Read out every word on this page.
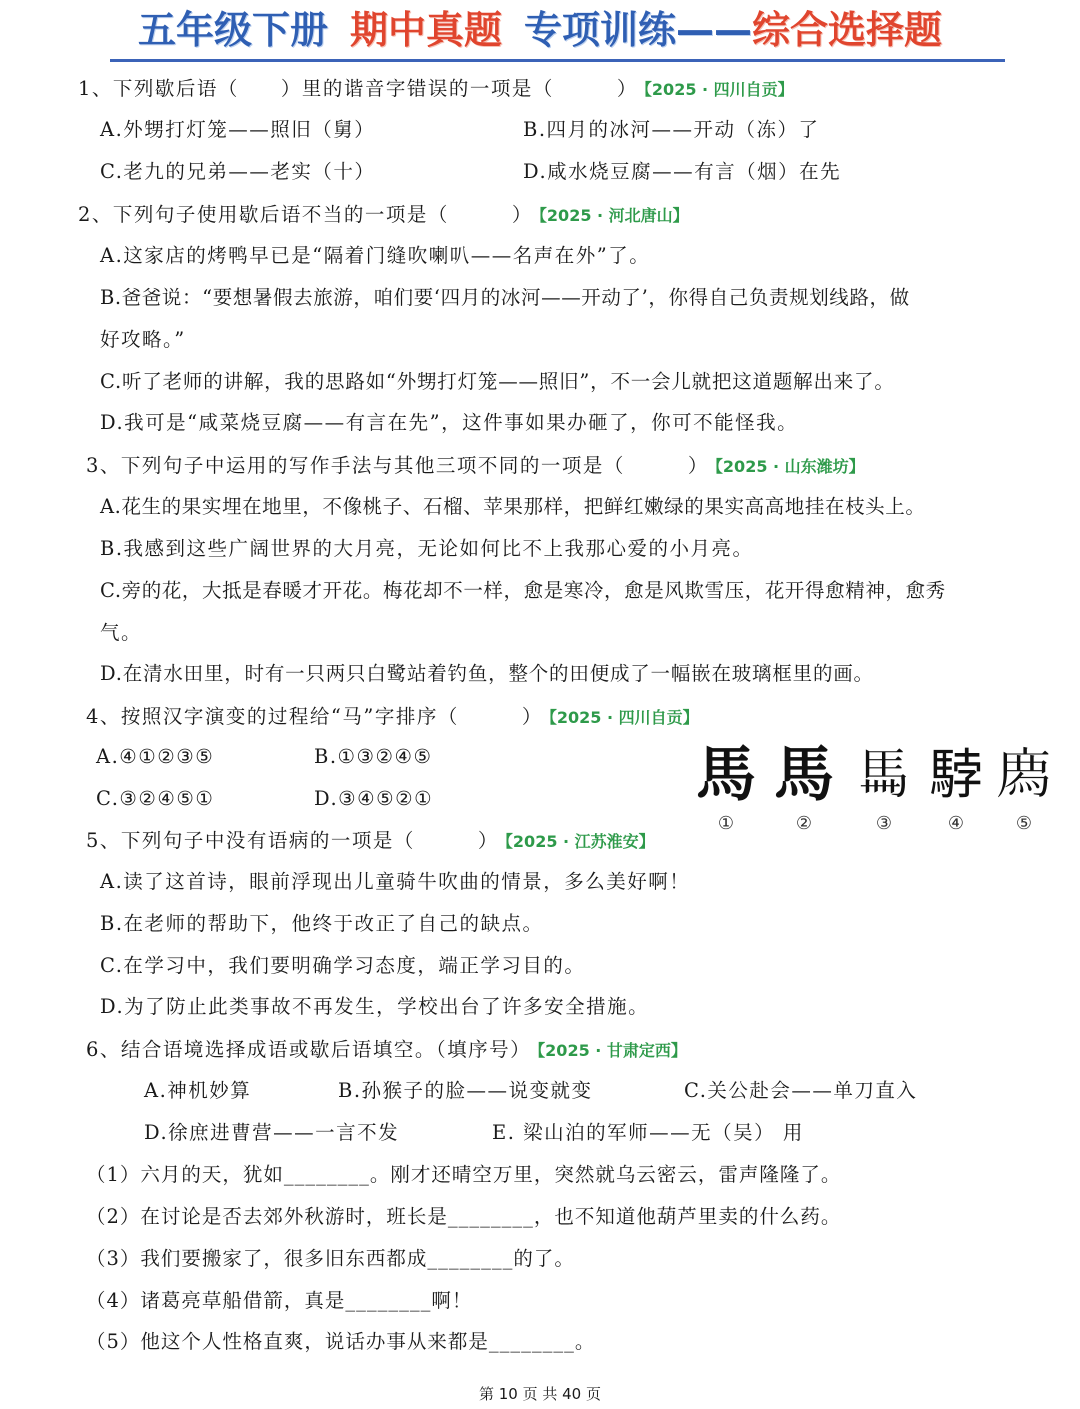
五年级下册 期中真题 专项训练——综合选择题
1、下列歇后语（　　）里的谐音字错误的一项是（　　　） 【2025 · 四川自贡】
A.外甥打灯笼——照旧（舅）	B.四月的冰河——开动（冻）了
C.老九的兄弟——老实（十）	D.咸水烧豆腐——有言（烟）在先
2、下列句子使用歇后语不当的一项是（　　　） 【2025 · 河北唐山】
A.这家店的烤鸭早已是“隔着门缝吹喇叭——名声在外”了。
B.爸爸说：“要想暑假去旅游，咱们要‘四月的冰河——开动了’，你得自己负责规划线路，做
好攻略。”
C.听了老师的讲解，我的思路如“外甥打灯笼——照旧”，不一会儿就把这道题解出来了。
D.我可是“咸菜烧豆腐——有言在先”，这件事如果办砸了，你可不能怪我。
3、下列句子中运用的写作手法与其他三项不同的一项是（　　　） 【2025 · 山东潍坊】
A.花生的果实埋在地里，不像桃子、石榴、苹果那样，把鲜红嫩绿的果实高高地挂在枝头上。
B.我感到这些广阔世界的大月亮，无论如何比不上我那心爱的小月亮。
C.旁的花，大抵是春暖才开花。梅花却不一样，愈是寒冷，愈是风欺雪压，花开得愈精神，愈秀
气。
D.在清水田里，时有一只两只白鹭站着钓鱼，整个的田便成了一幅嵌在玻璃框里的画。
4、按照汉字演变的过程给“马”字排序（　　　） 【2025 · 四川自贡】
A.④①②③⑤	B.①③②④⑤
C.③②④⑤①	D.③④⑤②①	馬 馬 𩡧 𩣡 𢊁
①	②	③	④	⑤
5、下列句子中没有语病的一项是（　　　） 【2025 · 江苏淮安】
A.读了这首诗，眼前浮现出儿童骑牛吹曲的情景，多么美好啊！
B.在老师的帮助下，他终于改正了自己的缺点。
C.在学习中，我们要明确学习态度，端正学习目的。
D.为了防止此类事故不再发生，学校出台了许多安全措施。
6、结合语境选择成语或歇后语填空。（填序号） 【2025 · 甘肃定西】
A.神机妙算	B.孙猴子的脸——说变就变	C.关公赴会——单刀直入
D.徐庶进曹营——一言不发	E. 梁山泊的军师——无（吴） 用
（1）六月的天，犹如________。刚才还晴空万里，突然就乌云密云，雷声隆隆了。
（2）在讨论是否去郊外秋游时，班长是________，也不知道他葫芦里卖的什么药。
（3）我们要搬家了，很多旧东西都成________的了。
（4）诸葛亮草船借箭，真是________啊！
（5）他这个人性格直爽，说话办事从来都是________。
第 10 页 共 40 页
